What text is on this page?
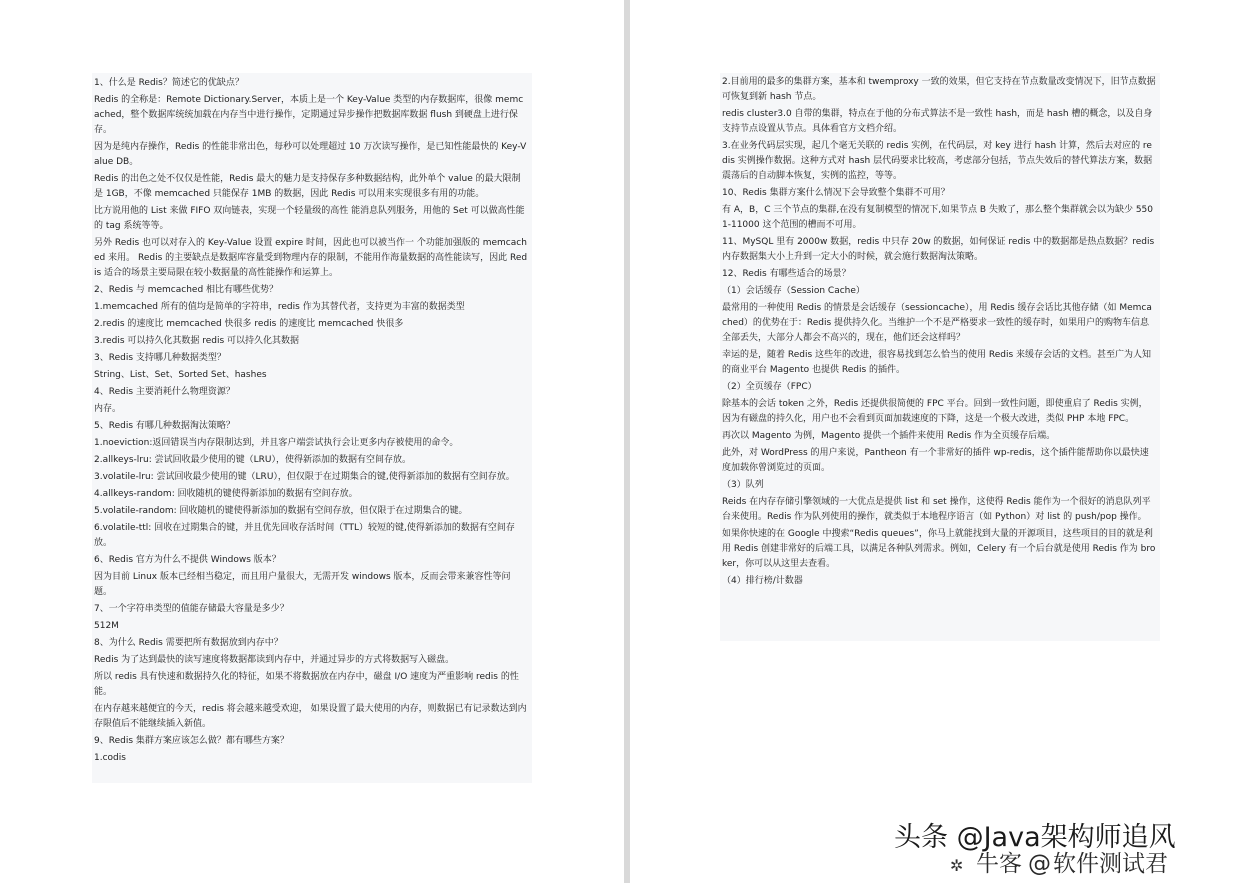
1、什么是 Redis？简述它的优缺点？

Redis 的全称是：Remote Dictionary.Server，本质上是一个 Key-Value 类型的内存数据库，很像 memcached，整个数据库统统加载在内存当中进行操作，定期通过异步操作把数据库数据 flush 到硬盘上进行保存。

因为是纯内存操作，Redis 的性能非常出色，每秒可以处理超过 10 万次读写操作，是已知性能最快的 Key-Value DB。

Redis 的出色之处不仅仅是性能，Redis 最大的魅力是支持保存多种数据结构，此外单个 value 的最大限制是 1GB，不像 memcached 只能保存 1MB 的数据，因此 Redis 可以用来实现很多有用的功能。

比方说用他的 List 来做 FIFO 双向链表，实现一个轻量级的高性 能消息队列服务，用他的 Set 可以做高性能的 tag 系统等等。

另外 Redis 也可以对存入的 Key-Value 设置 expire 时间，因此也可以被当作一 个功能加强版的 memcached 来用。 Redis 的主要缺点是数据库容量受到物理内存的限制，不能用作海量数据的高性能读写，因此 Redis 适合的场景主要局限在较小数据量的高性能操作和运算上。

2、Redis 与 memcached 相比有哪些优势？

1.memcached 所有的值均是简单的字符串，redis 作为其替代者，支持更为丰富的数据类型

2.redis 的速度比 memcached 快很多 redis 的速度比 memcached 快很多

3.redis 可以持久化其数据 redis 可以持久化其数据

3、Redis 支持哪几种数据类型？

String、List、Set、Sorted Set、hashes

4、Redis 主要消耗什么物理资源？

内存。

5、Redis 有哪几种数据淘汰策略？

1.noeviction:返回错误当内存限制达到，并且客户端尝试执行会让更多内存被使用的命令。

2.allkeys-lru: 尝试回收最少使用的键（LRU），使得新添加的数据有空间存放。

3.volatile-lru: 尝试回收最少使用的键（LRU），但仅限于在过期集合的键,使得新添加的数据有空间存放。

4.allkeys-random: 回收随机的键使得新添加的数据有空间存放。

5.volatile-random: 回收随机的键使得新添加的数据有空间存放，但仅限于在过期集合的键。

6.volatile-ttl: 回收在过期集合的键，并且优先回收存活时间（TTL）较短的键,使得新添加的数据有空间存放。

6、Redis 官方为什么不提供 Windows 版本？

因为目前 Linux 版本已经相当稳定，而且用户量很大，无需开发 windows 版本，反而会带来兼容性等问题。

7、一个字符串类型的值能存储最大容量是多少？

512M

8、为什么 Redis 需要把所有数据放到内存中？

Redis 为了达到最快的读写速度将数据都读到内存中，并通过异步的方式将数据写入磁盘。

所以 redis 具有快速和数据持久化的特征，如果不将数据放在内存中，磁盘 I/O 速度为严重影响 redis 的性能。

在内存越来越便宜的今天，redis 将会越来越受欢迎， 如果设置了最大使用的内存，则数据已有记录数达到内存限值后不能继续插入新值。

9、Redis 集群方案应该怎么做？都有哪些方案？

1.codis

2.目前用的最多的集群方案，基本和 twemproxy 一致的效果，但它支持在节点数量改变情况下，旧节点数据可恢复到新 hash 节点。

redis cluster3.0 自带的集群，特点在于他的分布式算法不是一致性 hash，而是 hash 槽的概念，以及自身支持节点设置从节点。具体看官方文档介绍。

3.在业务代码层实现，起几个毫无关联的 redis 实例，在代码层，对 key 进行 hash 计算，然后去对应的 redis 实例操作数据。这种方式对 hash 层代码要求比较高，考虑部分包括，节点失效后的替代算法方案，数据震荡后的自动脚本恢复，实例的监控，等等。

10、Redis 集群方案什么情况下会导致整个集群不可用？

有 A，B，C 三个节点的集群,在没有复制模型的情况下,如果节点 B 失败了，那么整个集群就会以为缺少 5501-11000 这个范围的槽而不可用。

11、MySQL 里有 2000w 数据，redis 中只存 20w 的数据，如何保证 redis 中的数据都是热点数据？redis 内存数据集大小上升到一定大小的时候，就会施行数据淘汰策略。

12、Redis 有哪些适合的场景？

（1）会话缓存（Session Cache）

最常用的一种使用 Redis 的情景是会话缓存（sessioncache），用 Redis 缓存会话比其他存储（如 Memcached）的优势在于：Redis 提供持久化。当维护一个不是严格要求一致性的缓存时，如果用户的购物车信息全部丢失，大部分人都会不高兴的，现在，他们还会这样吗？

幸运的是，随着 Redis 这些年的改进，很容易找到怎么恰当的使用 Redis 来缓存会话的文档。甚至广为人知的商业平台 Magento 也提供 Redis 的插件。

（2）全页缓存（FPC）

除基本的会话 token 之外，Redis 还提供很简便的 FPC 平台。回到一致性问题，即使重启了 Redis 实例，因为有磁盘的持久化，用户也不会看到页面加载速度的下降，这是一个极大改进，类似 PHP 本地 FPC。

再次以 Magento 为例，Magento 提供一个插件来使用 Redis 作为全页缓存后端。

此外，对 WordPress 的用户来说，Pantheon 有一个非常好的插件 wp-redis，这个插件能帮助你以最快速度加载你曾浏览过的页面。

（3）队列

Reids 在内存存储引擎领域的一大优点是提供 list 和 set 操作，这使得 Redis 能作为一个很好的消息队列平台来使用。Redis 作为队列使用的操作，就类似于本地程序语言（如 Python）对 list 的 push/pop 操作。

如果你快速的在 Google 中搜索“Redis queues”，你马上就能找到大量的开源项目，这些项目的目的就是利用 Redis 创建非常好的后端工具，以满足各种队列需求。例如，Celery 有一个后台就是使用 Redis 作为 broker，你可以从这里去查看。

（4）排行榜/计数器

头条 @Java架构师追风
✲ 牛客 @软件测试君
